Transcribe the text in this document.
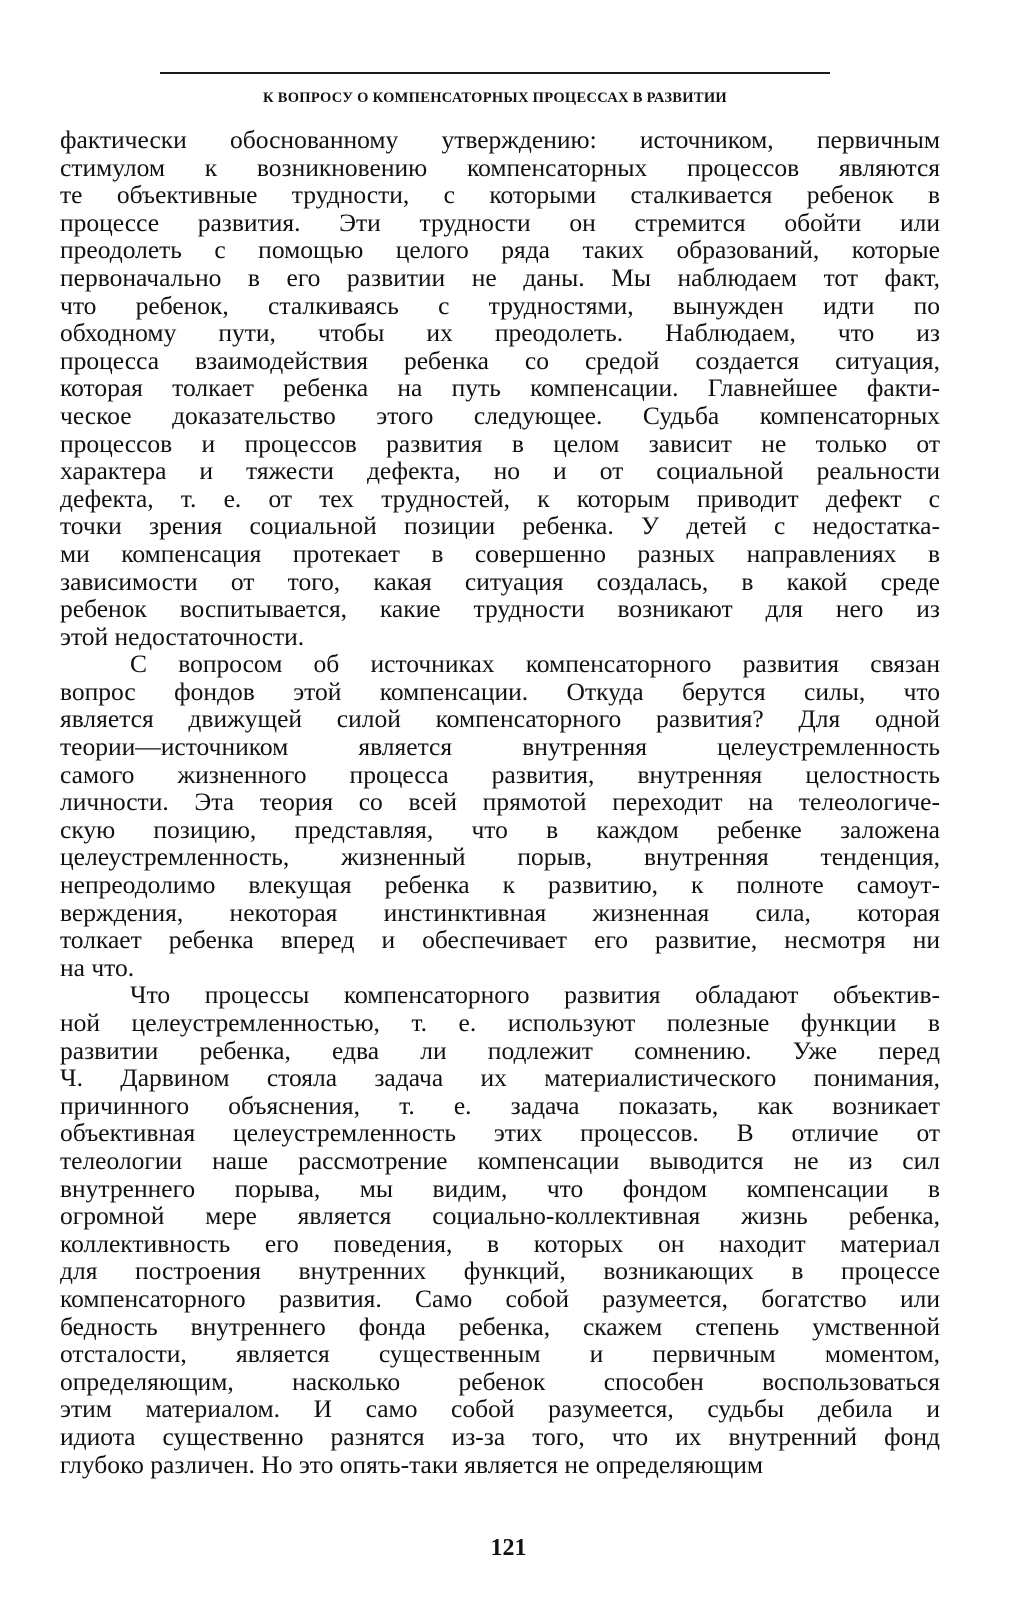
К ВОПРОСУ О КОМПЕНСАТОРНЫХ ПРОЦЕССАХ В РАЗВИТИИ

фактически обоснованному утверждению: источником, первичным
стимулом к возникновению компенсаторных процессов являются
те объективные трудности, с которыми сталкивается ребенок в
процессе развития. Эти трудности он стремится обойти или
преодолеть с помощью целого ряда таких образований, которые
первоначально в его развитии не даны. Мы наблюдаем тот факт,
что ребенок, сталкиваясь с трудностями, вынужден идти по
обходному пути, чтобы их преодолеть. Наблюдаем, что из
процесса взаимодействия ребенка со средой создается ситуация,
которая толкает ребенка на путь компенсации. Главнейшее факти-
ческое доказательство этого следующее. Судьба компенсаторных
процессов и процессов развития в целом зависит не только от
характера и тяжести дефекта, но и от социальной реальности
дефекта, т. е. от тех трудностей, к которым приводит дефект с
точки зрения социальной позиции ребенка. У детей с недостатка-
ми компенсация протекает в совершенно разных направлениях в
зависимости от того, какая ситуация создалась, в какой среде
ребенок воспитывается, какие трудности возникают для него из
этой недостаточности.

С вопросом об источниках компенсаторного развития связан
вопрос фондов этой компенсации. Откуда берутся силы, что
является движущей силой компенсаторного развития? Для одной
теории—источником является внутренняя целеустремленность
самого жизненного процесса развития, внутренняя целостность
личности. Эта теория со всей прямотой переходит на телеологиче-
скую позицию, представляя, что в каждом ребенке заложена
целеустремленность, жизненный порыв, внутренняя тенденция,
непреодолимо влекущая ребенка к развитию, к полноте самоут-
верждения, некоторая инстинктивная жизненная сила, которая
толкает ребенка вперед и обеспечивает его развитие, несмотря ни
на что.

Что процессы компенсаторного развития обладают объектив-
ной целеустремленностью, т. е. используют полезные функции в
развитии ребенка, едва ли подлежит сомнению. Уже перед
Ч. Дарвином стояла задача их материалистического понимания,
причинного объяснения, т. е. задача показать, как возникает
объективная целеустремленность этих процессов. В отличие от
телеологии наше рассмотрение компенсации выводится не из сил
внутреннего порыва, мы видим, что фондом компенсации в
огромной мере является социально-коллективная жизнь ребенка,
коллективность его поведения, в которых он находит материал
для построения внутренних функций, возникающих в процессе
компенсаторного развития. Само собой разумеется, богатство или
бедность внутреннего фонда ребенка, скажем степень умственной
отсталости, является существенным и первичным моментом,
определяющим, насколько ребенок способен воспользоваться
этим материалом. И само собой разумеется, судьбы дебила и
идиота существенно разнятся из-за того, что их внутренний фонд
глубоко различен. Но это опять-таки является не определяющим

121
